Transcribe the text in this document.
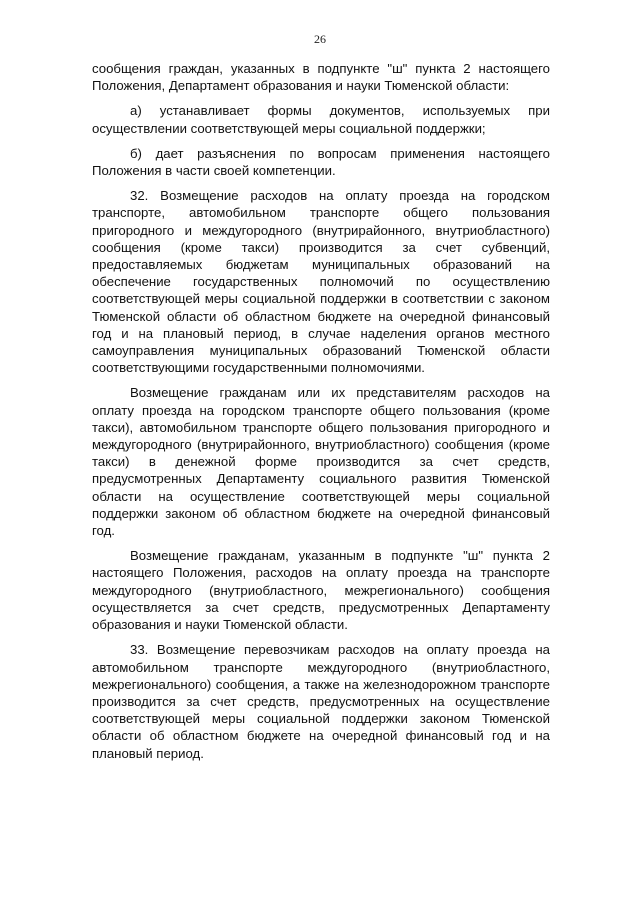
26

сообщения граждан, указанных в подпункте "ш" пункта 2 настоящего Положения, Департамент образования и науки Тюменской области:

а) устанавливает формы документов, используемых при осуществлении соответствующей меры социальной поддержки;

б) дает разъяснения по вопросам применения настоящего Положения в части своей компетенции.

32. Возмещение расходов на оплату проезда на городском транспорте, автомобильном транспорте общего пользования пригородного и междугородного (внутрирайонного, внутриобластного) сообщения (кроме такси) производится за счет субвенций, предоставляемых бюджетам муниципальных образований на обеспечение государственных полномочий по осуществлению соответствующей меры социальной поддержки в соответствии с законом Тюменской области об областном бюджете на очередной финансовый год и на плановый период, в случае наделения органов местного самоуправления муниципальных образований Тюменской области соответствующими государственными полномочиями.

Возмещение гражданам или их представителям расходов на оплату проезда на городском транспорте общего пользования (кроме такси), автомобильном транспорте общего пользования пригородного и междугородного (внутрирайонного, внутриобластного) сообщения (кроме такси) в денежной форме производится за счет средств, предусмотренных Департаменту социального развития Тюменской области на осуществление соответствующей меры социальной поддержки законом об областном бюджете на очередной финансовый год.

Возмещение гражданам, указанным в подпункте "ш" пункта 2 настоящего Положения, расходов на оплату проезда на транспорте междугородного (внутриобластного, межрегионального) сообщения осуществляется за счет средств, предусмотренных Департаменту образования и науки Тюменской области.

33. Возмещение перевозчикам расходов на оплату проезда на автомобильном транспорте междугородного (внутриобластного, межрегионального) сообщения, а также на железнодорожном транспорте производится за счет средств, предусмотренных на осуществление соответствующей меры социальной поддержки законом Тюменской области об областном бюджете на очередной финансовый год и на плановый период.
